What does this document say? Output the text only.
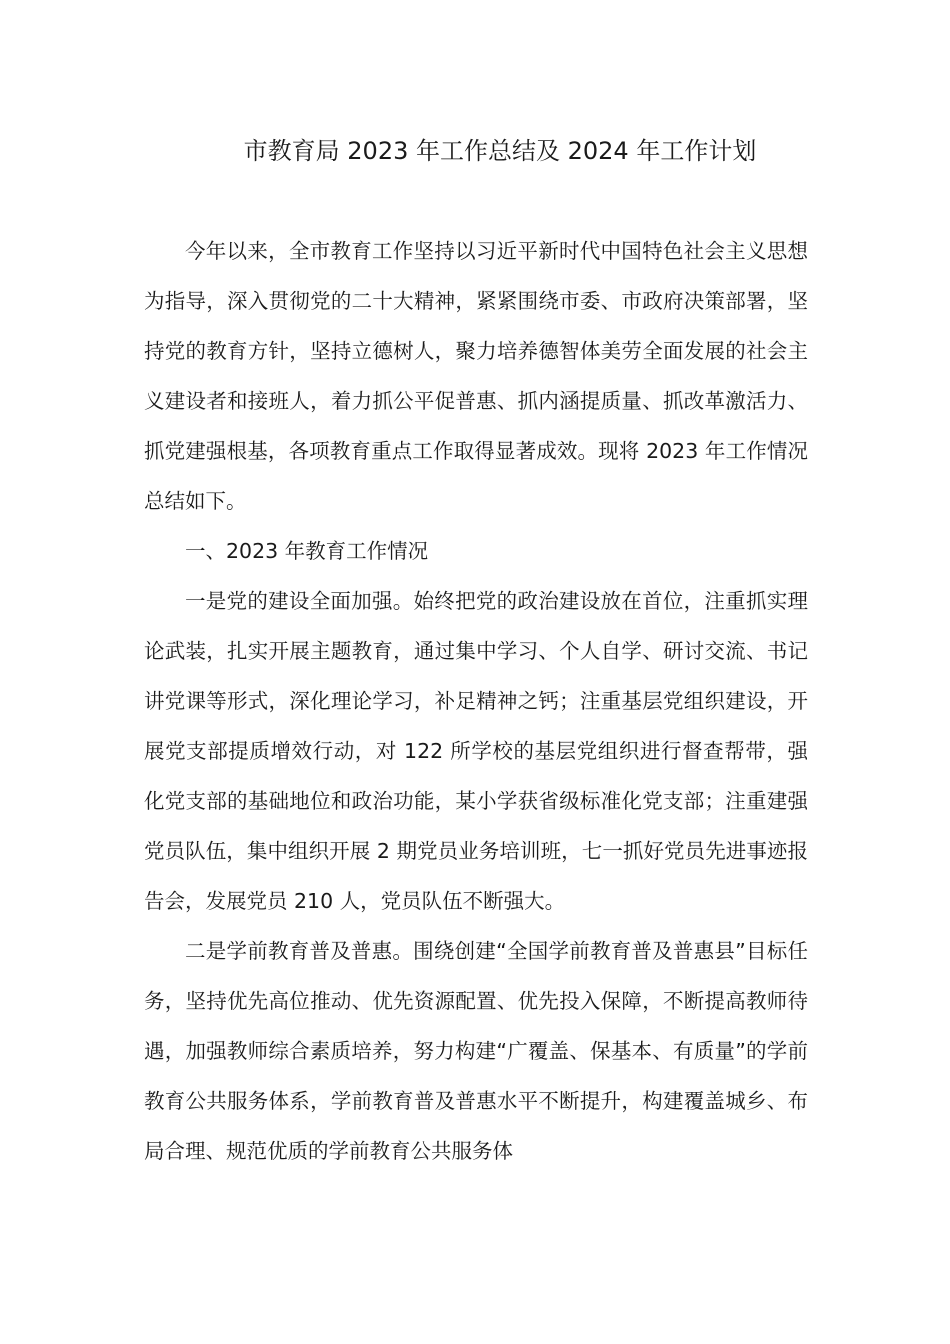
市教育局 2023 年工作总结及 2024 年工作计划

今年以来，全市教育工作坚持以习近平新时代中国特色社会主义思想为指导，深入贯彻党的二十大精神，紧紧围绕市委、市政府决策部署，坚持党的教育方针，坚持立德树人，聚力培养德智体美劳全面发展的社会主义建设者和接班人，着力抓公平促普惠、抓内涵提质量、抓改革激活力、抓党建强根基，各项教育重点工作取得显著成效。现将 2023 年工作情况总结如下。

一、2023 年教育工作情况

一是党的建设全面加强。始终把党的政治建设放在首位，注重抓实理论武装，扎实开展主题教育，通过集中学习、个人自学、研讨交流、书记讲党课等形式，深化理论学习，补足精神之钙；注重基层党组织建设，开展党支部提质增效行动，对 122 所学校的基层党组织进行督查帮带，强化党支部的基础地位和政治功能，某小学获省级标准化党支部；注重建强党员队伍，集中组织开展 2 期党员业务培训班，七一抓好党员先进事迹报告会，发展党员 210 人，党员队伍不断强大。

二是学前教育普及普惠。围绕创建“全国学前教育普及普惠县”目标任务，坚持优先高位推动、优先资源配置、优先投入保障，不断提高教师待遇，加强教师综合素质培养，努力构建“广覆盖、保基本、有质量”的学前教育公共服务体系，学前教育普及普惠水平不断提升，构建覆盖城乡、布局合理、规范优质的学前教育公共服务体
